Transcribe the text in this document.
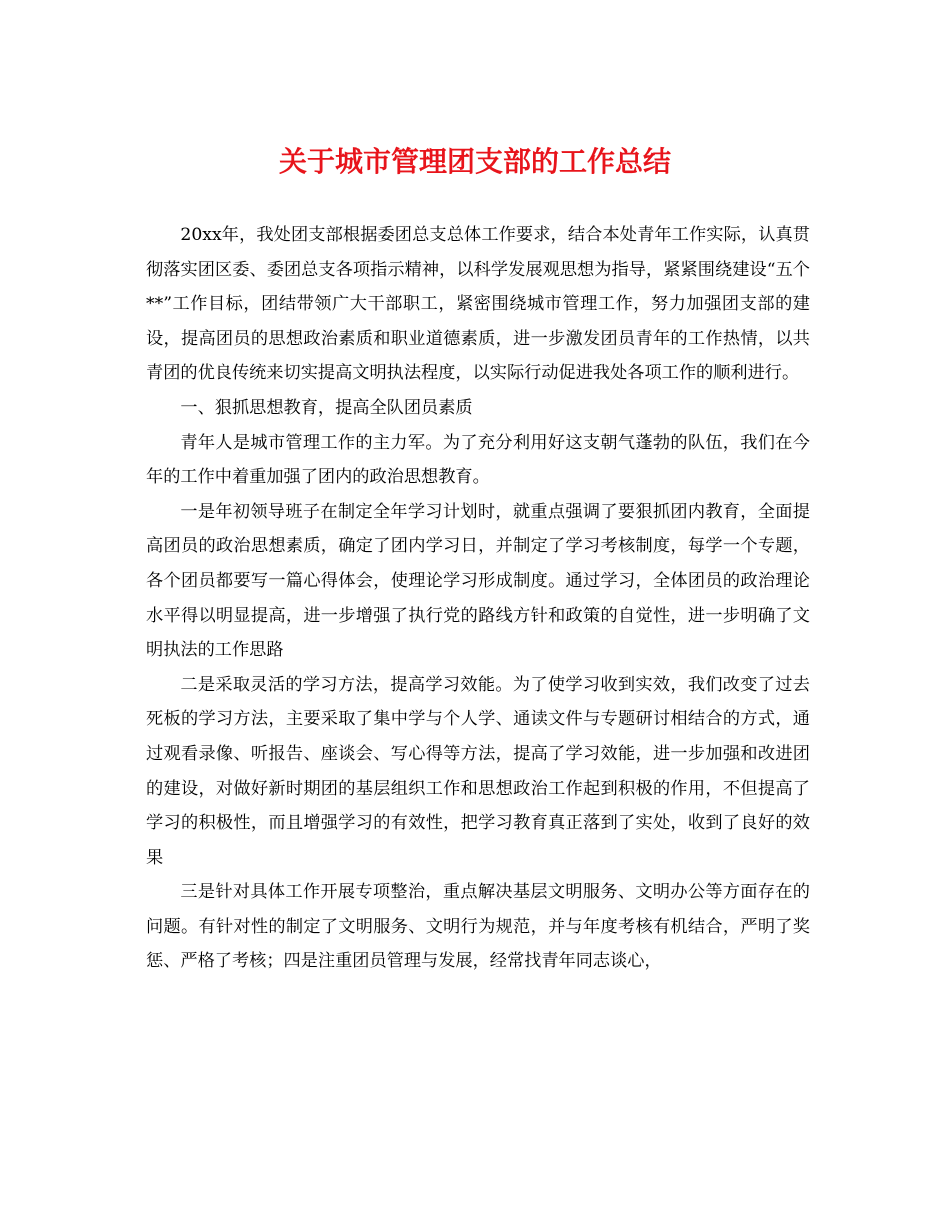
关于城市管理团支部的工作总结

20xx年，我处团支部根据委团总支总体工作要求，结合本处青年工作实际，认真贯彻落实团区委、委团总支各项指示精神，以科学发展观思想为指导，紧紧围绕建设“五个**”工作目标，团结带领广大干部职工，紧密围绕城市管理工作，努力加强团支部的建设，提高团员的思想政治素质和职业道德素质，进一步激发团员青年的工作热情，以共青团的优良传统来切实提高文明执法程度，以实际行动促进我处各项工作的顺利进行。

一、狠抓思想教育，提高全队团员素质

青年人是城市管理工作的主力军。为了充分利用好这支朝气蓬勃的队伍，我们在今年的工作中着重加强了团内的政治思想教育。

一是年初领导班子在制定全年学习计划时，就重点强调了要狠抓团内教育，全面提高团员的政治思想素质，确定了团内学习日，并制定了学习考核制度，每学一个专题，各个团员都要写一篇心得体会，使理论学习形成制度。通过学习，全体团员的政治理论水平得以明显提高，进一步增强了执行党的路线方针和政策的自觉性，进一步明确了文明执法的工作思路

二是采取灵活的学习方法，提高学习效能。为了使学习收到实效，我们改变了过去死板的学习方法，主要采取了集中学与个人学、通读文件与专题研讨相结合的方式，通过观看录像、听报告、座谈会、写心得等方法，提高了学习效能，进一步加强和改进团的建设，对做好新时期团的基层组织工作和思想政治工作起到积极的作用，不但提高了学习的积极性，而且增强学习的有效性，把学习教育真正落到了实处，收到了良好的效果

三是针对具体工作开展专项整治，重点解决基层文明服务、文明办公等方面存在的问题。有针对性的制定了文明服务、文明行为规范，并与年度考核有机结合，严明了奖惩、严格了考核；四是注重团员管理与发展，经常找青年同志谈心，
